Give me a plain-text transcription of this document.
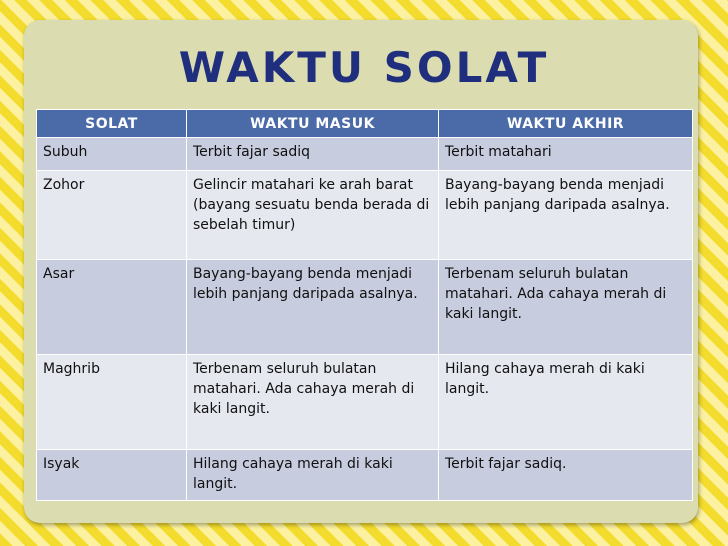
WAKTU SOLAT
SOLAT	WAKTU MASUK	WAKTU AKHIR
Subuh	Terbit fajar sadiq	Terbit matahari
Zohor	Gelincir matahari ke arah barat (bayang sesuatu benda berada di sebelah timur)	Bayang-bayang benda menjadi lebih panjang daripada asalnya.
Asar	Bayang-bayang benda menjadi lebih panjang daripada asalnya.	Terbenam seluruh bulatan matahari. Ada cahaya merah di kaki langit.
Maghrib	Terbenam seluruh bulatan matahari. Ada cahaya merah di kaki langit.	Hilang cahaya merah di kaki langit.
Isyak	Hilang cahaya merah di kaki langit.	Terbit fajar sadiq.
